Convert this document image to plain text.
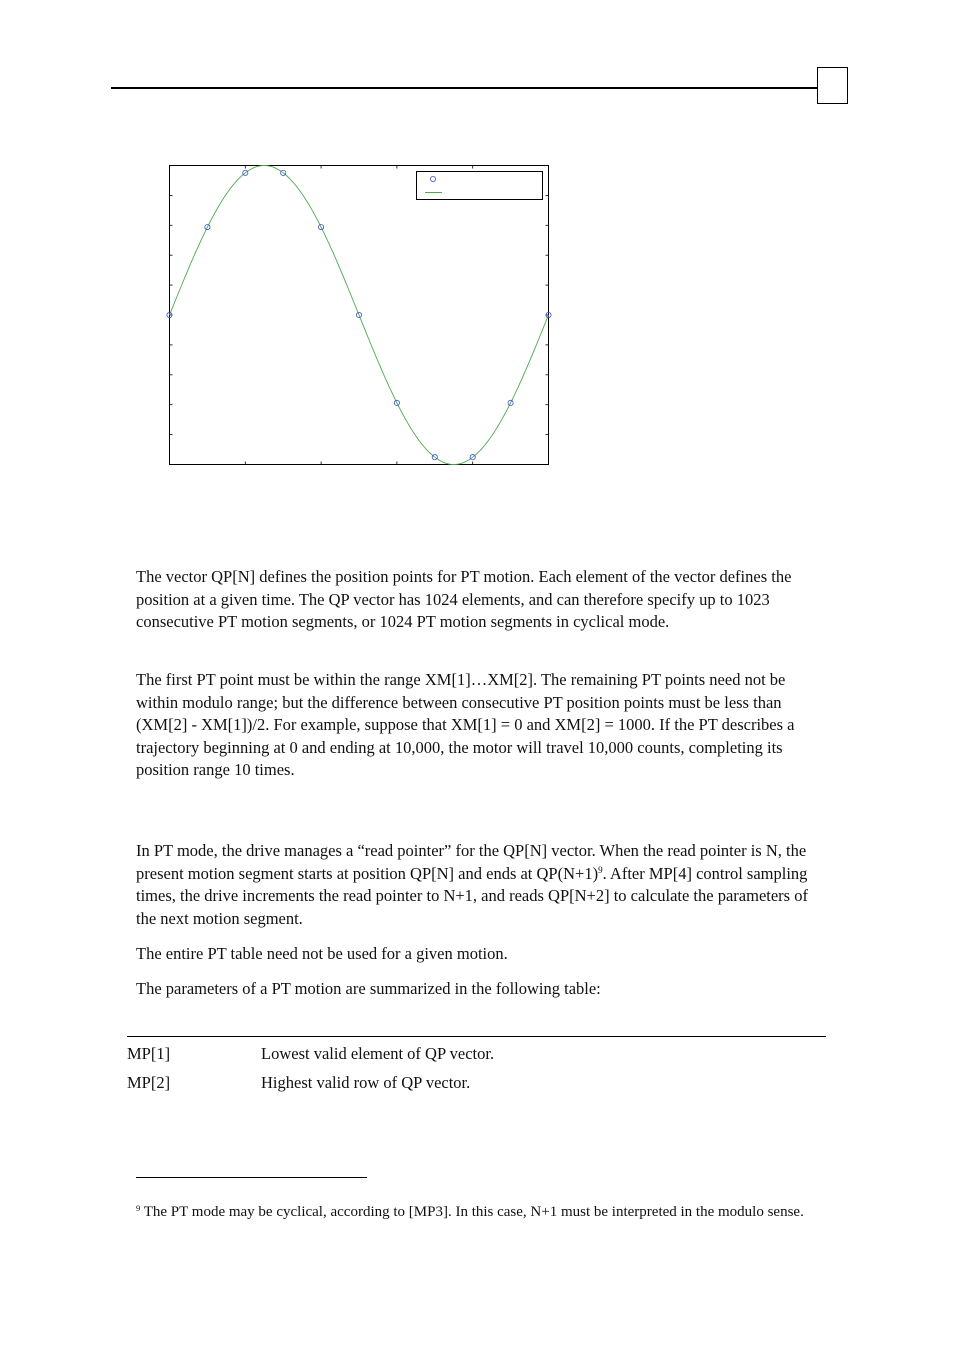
The vector QP[N] defines the position points for PT motion. Each element of the vector defines the position at a given time. The QP vector has 1024 elements, and can therefore specify up to 1023 consecutive PT motion segments, or 1024 PT motion segments in cyclical mode.

The first PT point must be within the range XM[1]…XM[2]. The remaining PT points need not be within modulo range; but the difference between consecutive PT position points must be less than (XM[2] - XM[1])/2. For example, suppose that XM[1] = 0 and XM[2] = 1000. If the PT describes a trajectory beginning at 0 and ending at 10,000, the motor will travel 10,000 counts, completing its position range 10 times.

In PT mode, the drive manages a “read pointer” for the QP[N] vector. When the read pointer is N, the present motion segment starts at position QP[N] and ends at $QP(N+1)^9$. After MP[4] control sampling times, the drive increments the read pointer to N+1, and reads QP[N+2] to calculate the parameters of the next motion segment.

The entire PT table need not be used for a given motion.

The parameters of a PT motion are summarized in the following table:

MP[1]	Lowest valid element of QP vector.
MP[2]	Highest valid row of QP vector.

$^9$ The PT mode may be cyclical, according to [MP3]. In this case, N+1 must be interpreted in the modulo sense.
